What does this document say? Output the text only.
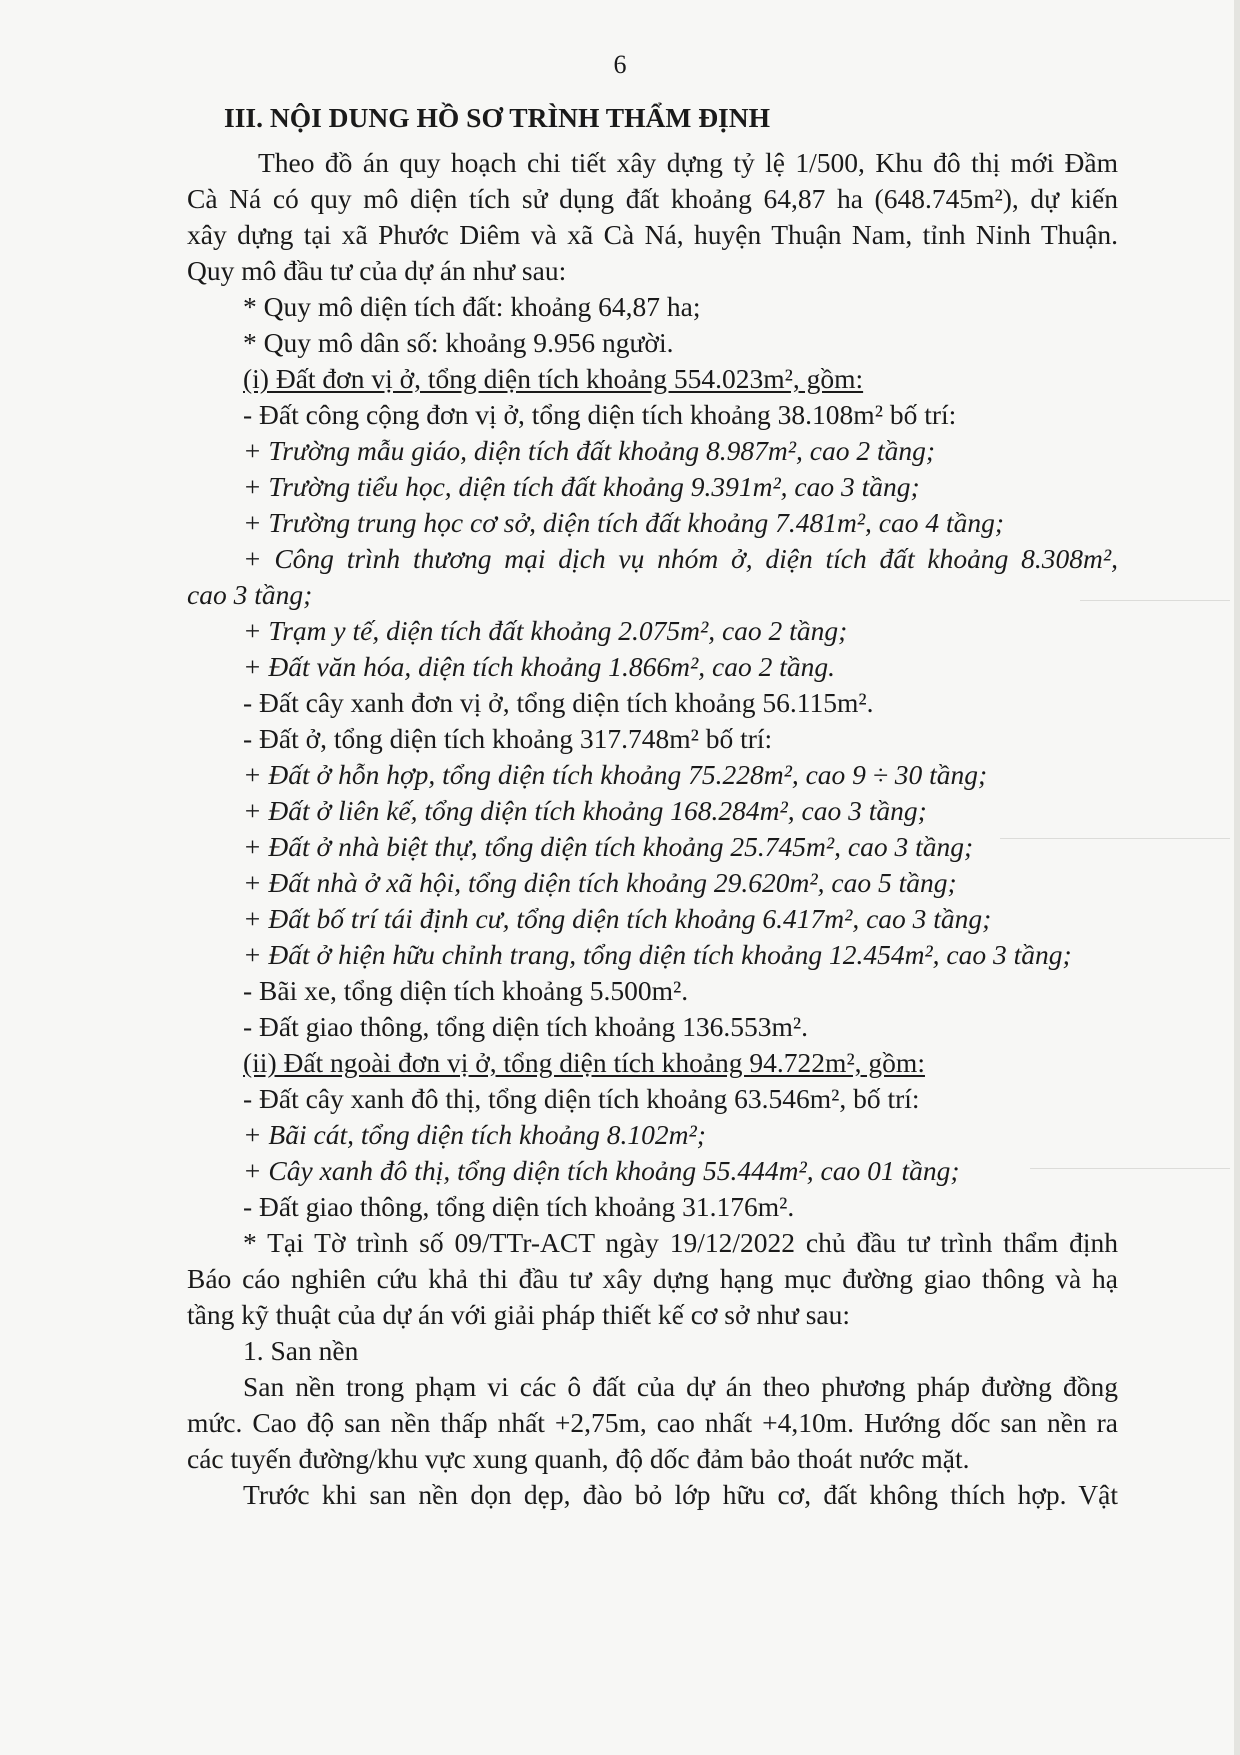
6
III. NỘI DUNG HỒ SƠ TRÌNH THẨM ĐỊNH
Theo đồ án quy hoạch chi tiết xây dựng tỷ lệ 1/500, Khu đô thị mới Đầm
Cà Ná có quy mô diện tích sử dụng đất khoảng 64,87 ha (648.745m²), dự kiến
xây dựng tại xã Phước Diêm và xã Cà Ná, huyện Thuận Nam, tỉnh Ninh Thuận.
Quy mô đầu tư của dự án như sau:
* Quy mô diện tích đất: khoảng 64,87 ha;
* Quy mô dân số: khoảng 9.956 người.
(i) Đất đơn vị ở, tổng diện tích khoảng 554.023m², gồm:
- Đất công cộng đơn vị ở, tổng diện tích khoảng 38.108m² bố trí:
+ Trường mẫu giáo, diện tích đất khoảng 8.987m², cao 2 tầng;
+ Trường tiểu học, diện tích đất khoảng 9.391m², cao 3 tầng;
+ Trường trung học cơ sở, diện tích đất khoảng 7.481m², cao 4 tầng;
+ Công trình thương mại dịch vụ nhóm ở, diện tích đất khoảng 8.308m²,
cao 3 tầng;
+ Trạm y tế, diện tích đất khoảng 2.075m², cao 2 tầng;
+ Đất văn hóa, diện tích khoảng 1.866m², cao 2 tầng.
- Đất cây xanh đơn vị ở, tổng diện tích khoảng 56.115m².
- Đất ở, tổng diện tích khoảng 317.748m² bố trí:
+ Đất ở hỗn hợp, tổng diện tích khoảng 75.228m², cao 9 ÷ 30 tầng;
+ Đất ở liên kế, tổng diện tích khoảng 168.284m², cao 3 tầng;
+ Đất ở nhà biệt thự, tổng diện tích khoảng 25.745m², cao 3 tầng;
+ Đất nhà ở xã hội, tổng diện tích khoảng 29.620m², cao 5 tầng;
+ Đất bố trí tái định cư, tổng diện tích khoảng 6.417m², cao 3 tầng;
+ Đất ở hiện hữu chỉnh trang, tổng diện tích khoảng 12.454m², cao 3 tầng;
- Bãi xe, tổng diện tích khoảng 5.500m².
- Đất giao thông, tổng diện tích khoảng 136.553m².
(ii) Đất ngoài đơn vị ở, tổng diện tích khoảng 94.722m², gồm:
- Đất cây xanh đô thị, tổng diện tích khoảng 63.546m², bố trí:
+ Bãi cát, tổng diện tích khoảng 8.102m²;
+ Cây xanh đô thị, tổng diện tích khoảng 55.444m², cao 01 tầng;
- Đất giao thông, tổng diện tích khoảng 31.176m².
* Tại Tờ trình số 09/TTr-ACT ngày 19/12/2022 chủ đầu tư trình thẩm định
Báo cáo nghiên cứu khả thi đầu tư xây dựng hạng mục đường giao thông và hạ
tầng kỹ thuật của dự án với giải pháp thiết kế cơ sở như sau:
1. San nền
San nền trong phạm vi các ô đất của dự án theo phương pháp đường đồng
mức. Cao độ san nền thấp nhất +2,75m, cao nhất +4,10m. Hướng dốc san nền ra
các tuyến đường/khu vực xung quanh, độ dốc đảm bảo thoát nước mặt.
Trước khi san nền dọn dẹp, đào bỏ lớp hữu cơ, đất không thích hợp. Vật
